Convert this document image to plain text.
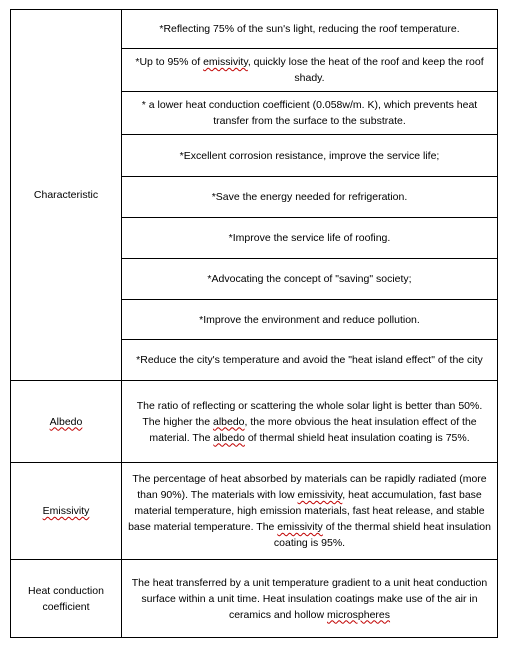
Characteristic	*Reflecting 75% of the sun's light, reducing the roof temperature.
	*Up to 95% of emissivity, quickly lose the heat of the roof and keep the roof shady.
	* a lower heat conduction coefficient (0.058w/m. K), which prevents heat transfer from the surface to the substrate.
	*Excellent corrosion resistance, improve the service life;
	*Save the energy needed for refrigeration.
	*Improve the service life of roofing.
	*Advocating the concept of "saving" society;
	*Improve the environment and reduce pollution.
	*Reduce the city's temperature and avoid the "heat island effect" of the city
Albedo	The ratio of reflecting or scattering the whole solar light is better than 50%. The higher the albedo, the more obvious the heat insulation effect of the material. The albedo of thermal shield heat insulation coating is 75%.
Emissivity	The percentage of heat absorbed by materials can be rapidly radiated (more than 90%). The materials with low emissivity, heat accumulation, fast base material temperature, high emission materials, fast heat release, and stable base material temperature. The emissivity of the thermal shield heat insulation coating is 95%.
Heat conduction coefficient	The heat transferred by a unit temperature gradient to a unit heat conduction surface within a unit time. Heat insulation coatings make use of the air in ceramics and hollow microspheres
